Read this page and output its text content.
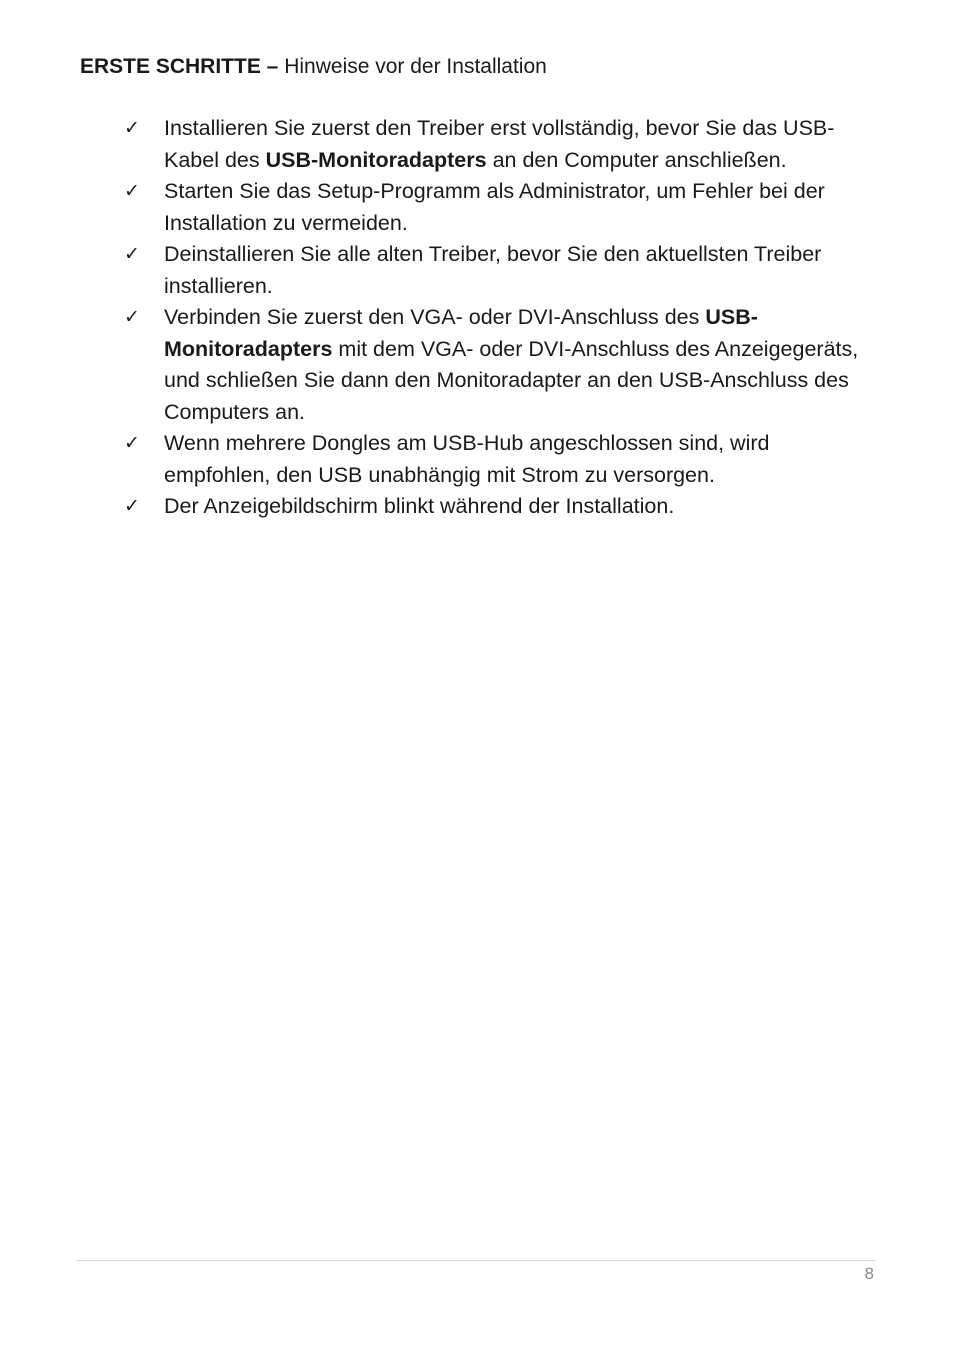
ERSTE SCHRITTE – Hinweise vor der Installation
✓	Installieren Sie zuerst den Treiber erst vollständig, bevor Sie das USB-Kabel des USB-Monitoradapters an den Computer anschließen.
✓	Starten Sie das Setup-Programm als Administrator, um Fehler bei der Installation zu vermeiden.
✓	Deinstallieren Sie alle alten Treiber, bevor Sie den aktuellsten Treiber installieren.
✓	Verbinden Sie zuerst den VGA- oder DVI-Anschluss des USB-Monitoradapters mit dem VGA- oder DVI-Anschluss des Anzeigegeräts, und schließen Sie dann den Monitoradapter an den USB-Anschluss des Computers an.
✓	Wenn mehrere Dongles am USB-Hub angeschlossen sind, wird empfohlen, den USB unabhängig mit Strom zu versorgen.
✓	Der Anzeigebildschirm blinkt während der Installation.
8
